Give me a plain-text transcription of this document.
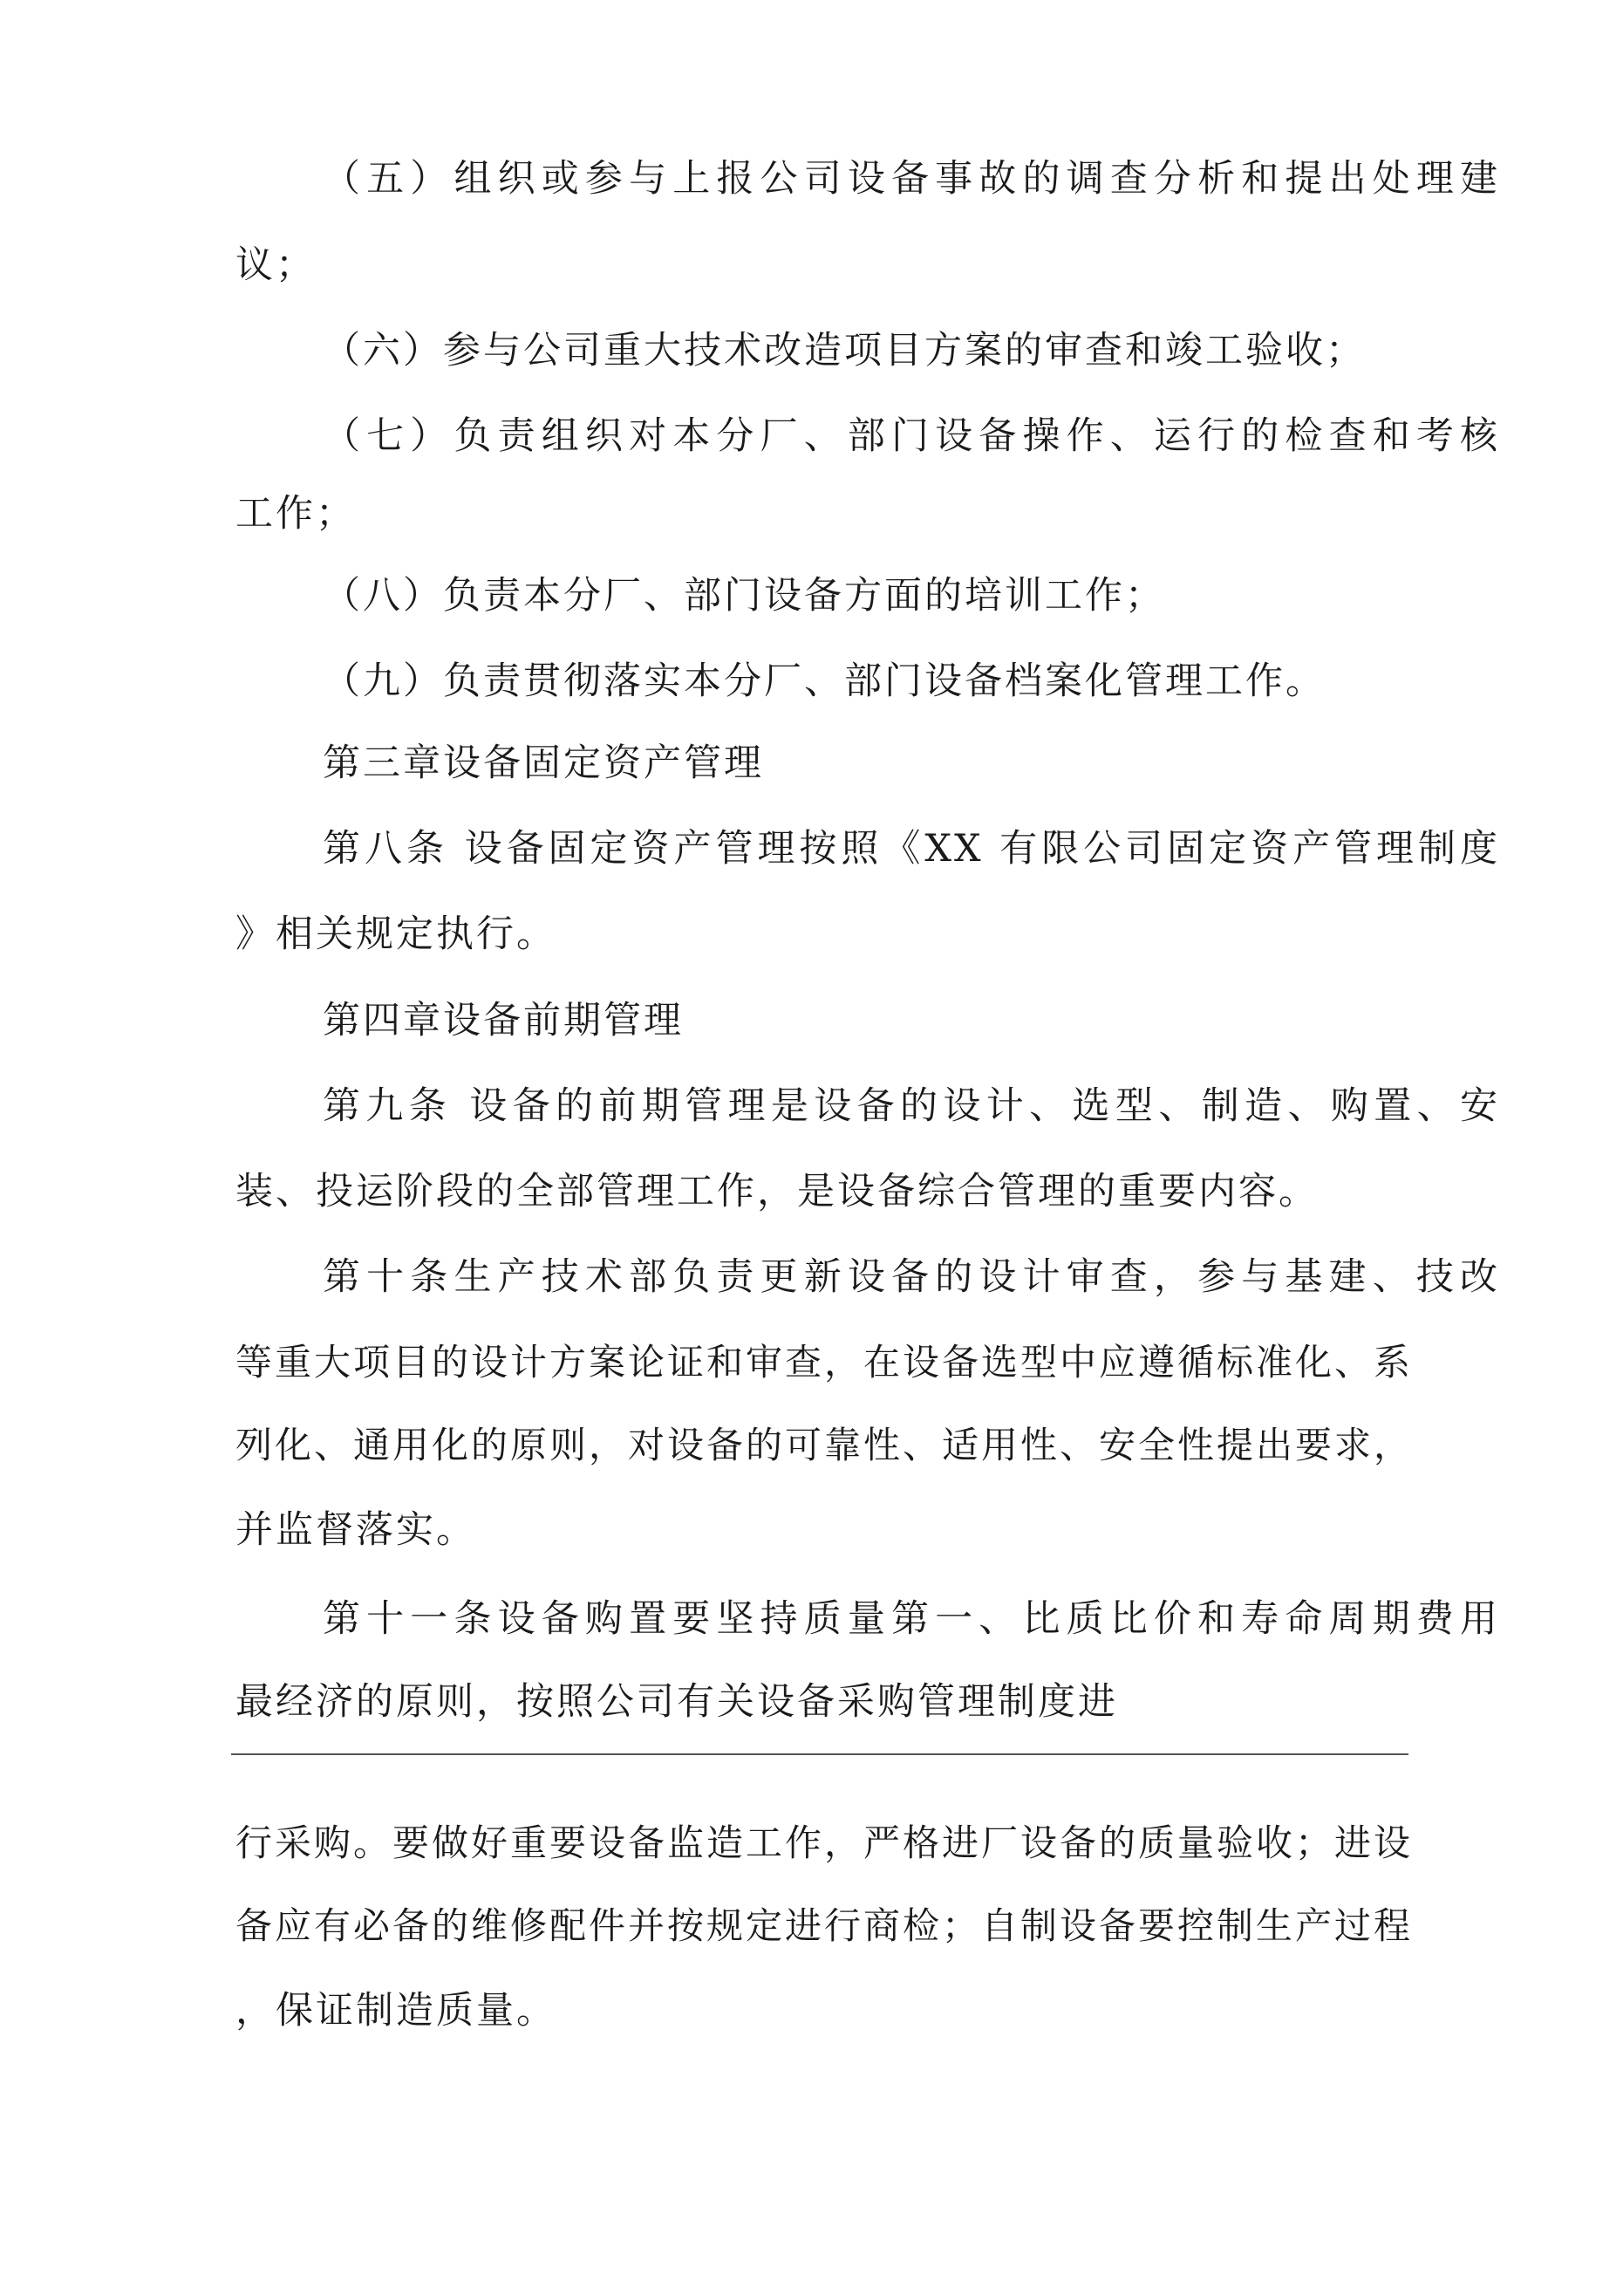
（五）组织或参与上报公司设备事故的调查分析和提出处理建
议；
（六）参与公司重大技术改造项目方案的审查和竣工验收；
（七）负责组织对本分厂、部门设备操作、运行的检查和考核
工作；
（八）负责本分厂、部门设备方面的培训工作；
（九）负责贯彻落实本分厂、部门设备档案化管理工作。
第三章设备固定资产管理
第八条 设备固定资产管理按照《XX 有限公司固定资产管理制度
》相关规定执行。
第四章设备前期管理
第九条 设备的前期管理是设备的设计、选型、制造、购置、安
装、投运阶段的全部管理工作，是设备综合管理的重要内容。
第十条生产技术部负责更新设备的设计审查，参与基建、技改
等重大项目的设计方案论证和审查，在设备选型中应遵循标准化、系
列化、通用化的原则，对设备的可靠性、适用性、安全性提出要求，
并监督落实。
第十一条设备购置要坚持质量第一、比质比价和寿命周期费用
最经济的原则，按照公司有关设备采购管理制度进
行采购。要做好重要设备监造工作，严格进厂设备的质量验收；进设
备应有必备的维修配件并按规定进行商检；自制设备要控制生产过程
，保证制造质量。
